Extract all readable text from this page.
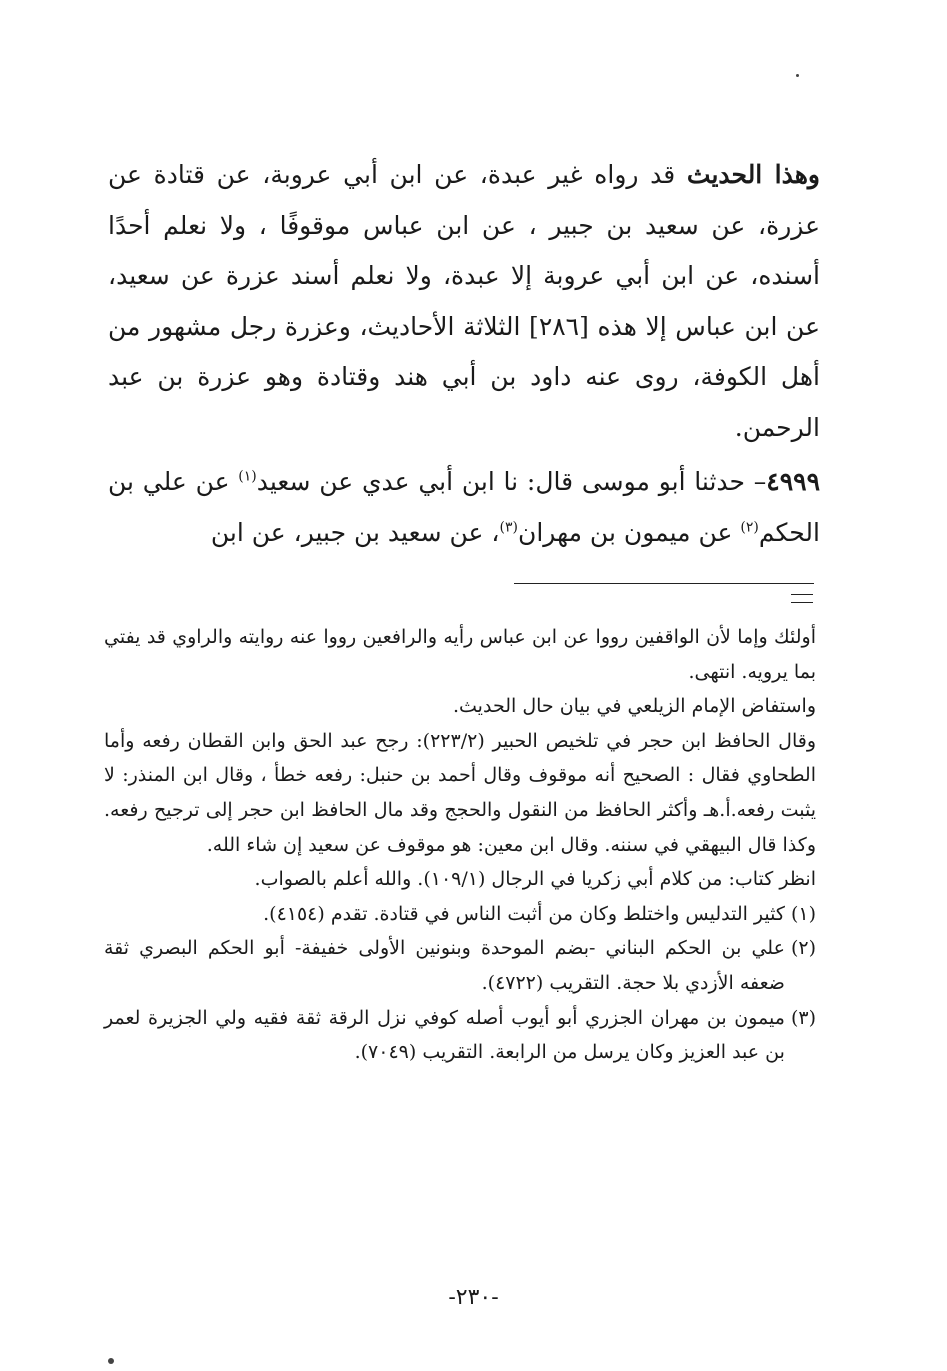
وهذا الحديث قد رواه غير عبدة، عن ابن أبي عروبة، عن قتادة عن عزرة، عن سعيد بن جبير ، عن ابن عباس موقوفًا ، ولا نعلم أحدًا أسنده، عن ابن أبي عروبة إلا عبدة، ولا نعلم أسند عزرة عن سعيد، عن ابن عباس إلا هذه [٢٨٦] الثلاثة الأحاديث، وعزرة رجل مشهور من أهل الكوفة، روى عنه داود بن أبي هند وقتادة وهو عزرة بن عبد الرحمن.

٤٩٩٩– حدثنا أبو موسى قال: نا ابن أبي عدي عن سعيد$^{(١)}$ عن علي بن الحكم$^{(٢)}$ عن ميمون بن مهران$^{(٣)}$، عن سعيد بن جبير، عن ابن

أولئك وإما لأن الواقفين رووا عن ابن عباس رأيه والرافعين رووا عنه روايته والراوي قد يفتي بما يرويه. انتهى.

واستفاض الإمام الزيلعي في بيان حال الحديث.

وقال الحافظ ابن حجر في تلخيص الحبير (٢٢٣/٢): رجح عبد الحق وابن القطان رفعه وأما الطحاوي فقال : الصحيح أنه موقوف وقال أحمد بن حنبل: رفعه خطأ ، وقال ابن المنذر: لا يثبت رفعه.أ.هـ وأكثر الحافظ من النقول والحجج وقد مال الحافظ ابن حجر إلى ترجيح رفعه. وكذا قال البيهقي في سننه. وقال ابن معين: هو موقوف عن سعيد إن شاء الله.

انظر كتاب: من كلام أبي زكريا في الرجال (١٠٩/١). والله أعلم بالصواب.

(١)
كثير التدليس واختلط وكان من أثبت الناس في قتادة. تقدم (٤١٥٤).
(٢)
علي بن الحكم البناني -بضم الموحدة وبنونين الأولى خفيفة- أبو الحكم البصري ثقة ضعفه الأزدي بلا حجة. التقريب (٤٧٢٢).
(٣)
ميمون بن مهران الجزري أبو أيوب أصله كوفي نزل الرقة ثقة فقيه ولي الجزيرة لعمر بن عبد العزيز وكان يرسل من الرابعة. التقريب (٧٠٤٩).
-٢٣٠-
